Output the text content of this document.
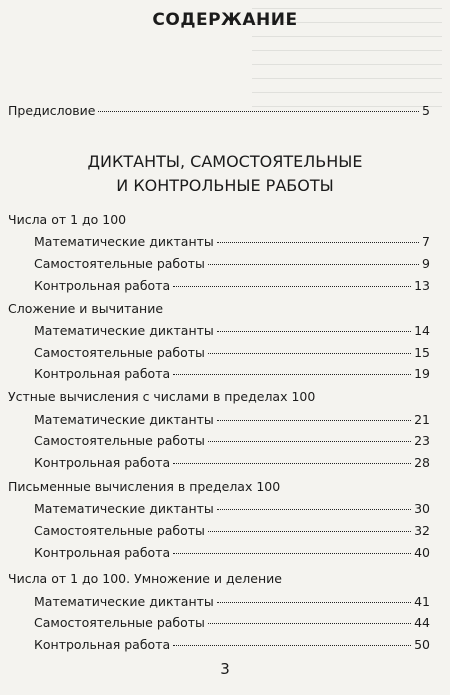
СОДЕРЖАНИЕ
Предисловие	5
ДИКТАНТЫ, САМОСТОЯТЕЛЬНЫЕ
И КОНТРОЛЬНЫЕ РАБОТЫ
Числа от 1 до 100
Математические диктанты	7
Самостоятельные работы	9
Контрольная работа	13
Сложение и вычитание
Математические диктанты	14
Самостоятельные работы	15
Контрольная работа	19
Устные вычисления с числами в пределах 100
Математические диктанты	21
Самостоятельные работы	23
Контрольная работа	28
Письменные вычисления в пределах 100
Математические диктанты	30
Самостоятельные работы	32
Контрольная работа	40
Числа от 1 до 100. Умножение и деление
Математические диктанты	41
Самостоятельные работы	44
Контрольная работа	50
3
